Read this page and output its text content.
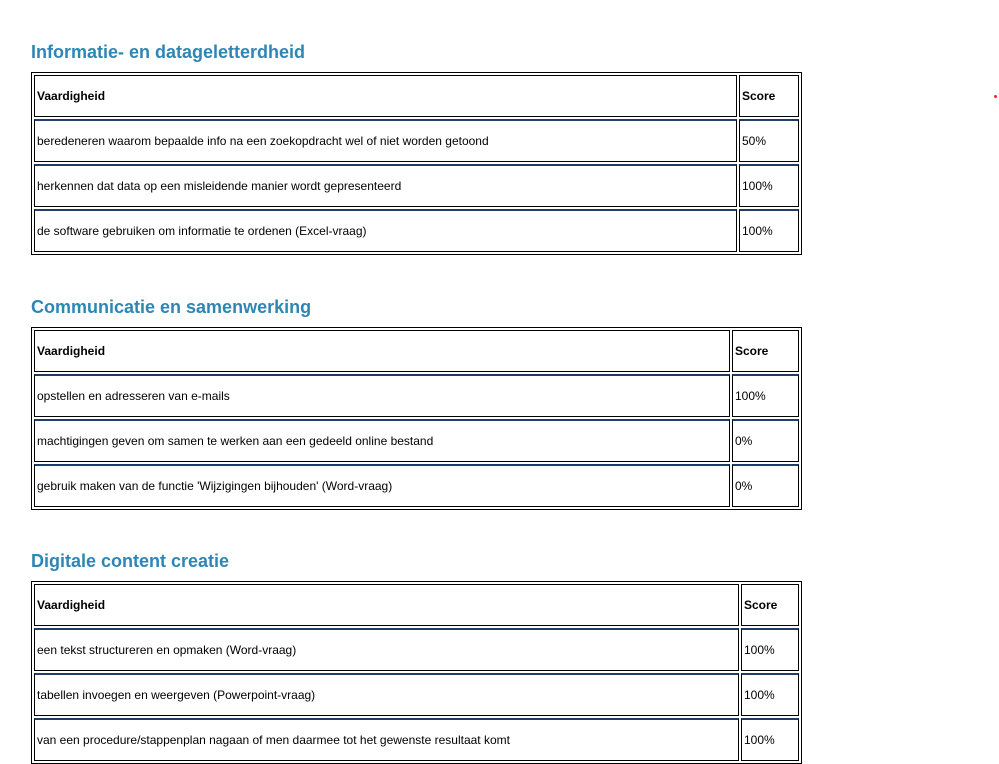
Informatie- en datageletterdheid
Vaardigheid	Score
beredeneren waarom bepaalde info na een zoekopdracht wel of niet worden getoond	50%
herkennen dat data op een misleidende manier wordt gepresenteerd	100%
de software gebruiken om informatie te ordenen (Excel-vraag)	100%
Communicatie en samenwerking
Vaardigheid	Score
opstellen en adresseren van e-mails	100%
machtigingen geven om samen te werken aan een gedeeld online bestand	0%
gebruik maken van de functie 'Wijzigingen bijhouden' (Word-vraag)	0%
Digitale content creatie
Vaardigheid	Score
een tekst structureren en opmaken (Word-vraag)	100%
tabellen invoegen en weergeven (Powerpoint-vraag)	100%
van een procedure/stappenplan nagaan of men daarmee tot het gewenste resultaat komt	100%
